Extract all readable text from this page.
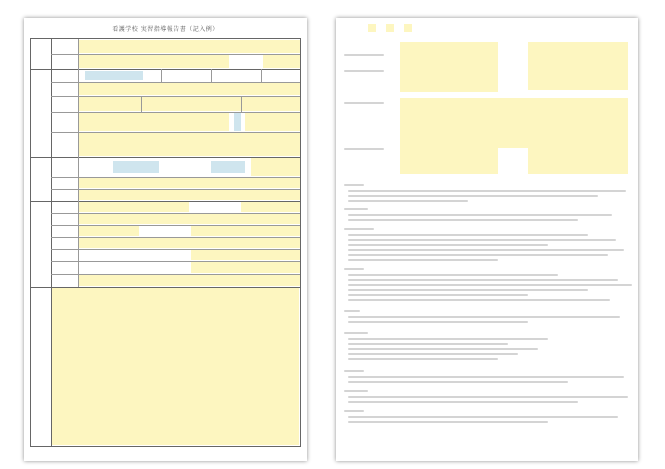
看護学校 実習指導報告書（記入例）
